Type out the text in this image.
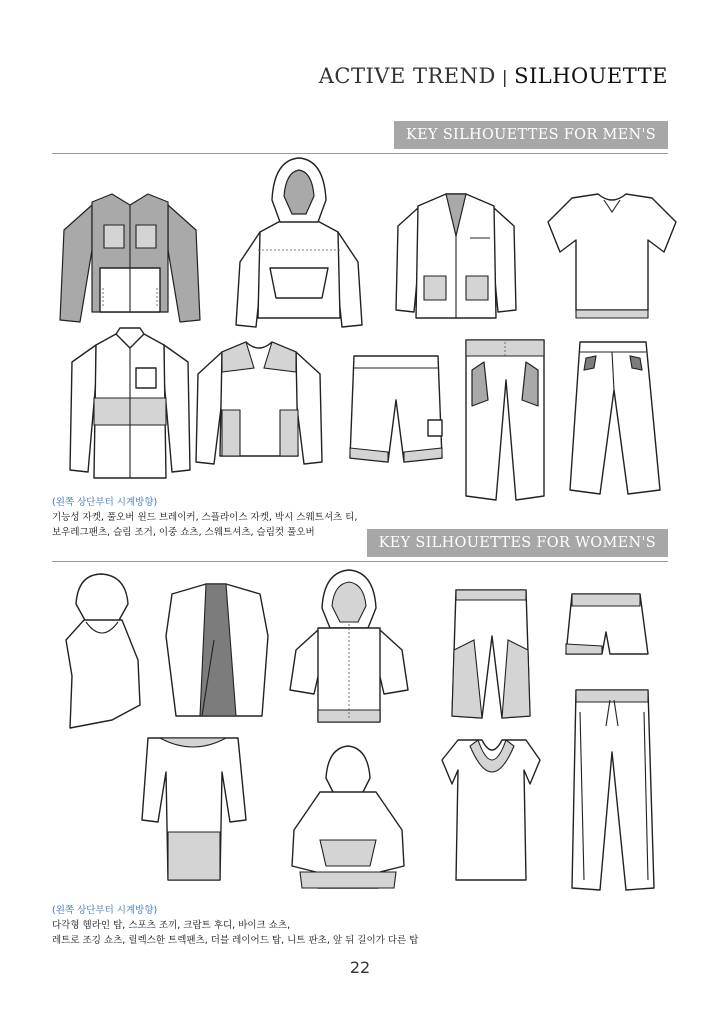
ACTIVE TREND | SILHOUETTE
KEY SILHOUETTES FOR MEN'S
KEY SILHOUETTES FOR WOMEN'S
(왼쪽 상단부터 시계방향)
기능성 자켓, 풀오버 윈드 브레이커, 스플라이스 자켓, 박시 스웨트셔츠 티,
보우레그팬츠, 슬림 조거, 이중 쇼츠, 스웨트셔츠, 슬림컷 풀오버
(왼쪽 상단부터 시계방향)
다각형 헴라인 탑, 스포츠 조끼, 크랍트 후디, 바이크 쇼츠,
레트로 조깅 쇼츠, 릴렉스한 트렉팬츠, 더블 레이어드 탑, 니트 판초, 앞 뒤 길이가 다른 탑
22
